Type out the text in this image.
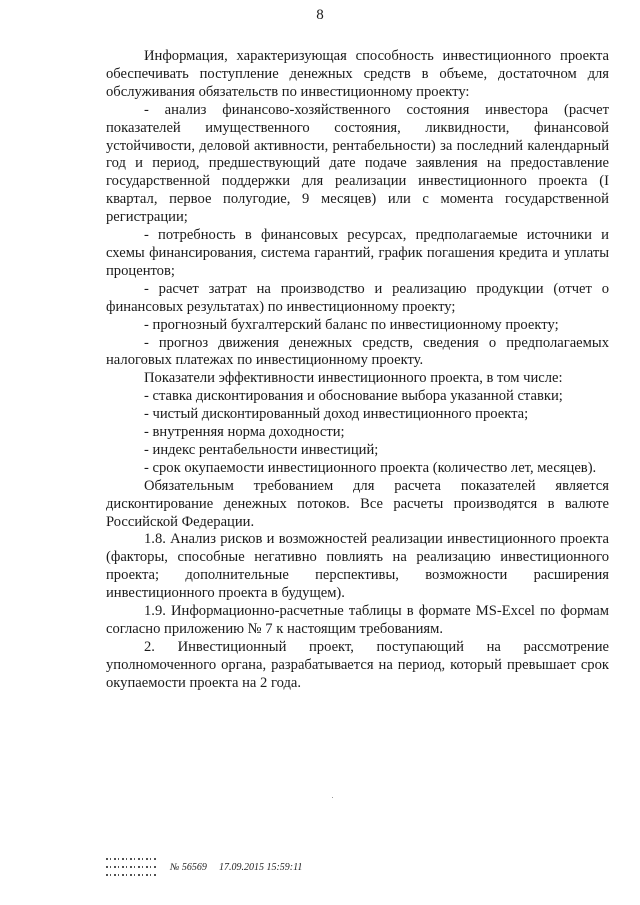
8

Информация, характеризующая способность инвестиционного проекта обеспечивать поступление денежных средств в объеме, достаточном для обслуживания обязательств по инвестиционному проекту:

- анализ финансово-хозяйственного состояния инвестора (расчет показателей имущественного состояния, ликвидности, финансовой устойчивости, деловой активности, рентабельности) за последний календарный год и период, предшествующий дате подаче заявления на предоставление государственной поддержки для реализации инвестиционного проекта (I квартал, первое полугодие, 9 месяцев) или с момента государственной регистрации;

- потребность в финансовых ресурсах, предполагаемые источники и схемы финансирования, система гарантий, график погашения кредита и уплаты процентов;

- расчет затрат на производство и реализацию продукции (отчет о финансовых результатах) по инвестиционному проекту;

- прогнозный бухгалтерский баланс по инвестиционному проекту;

- прогноз движения денежных средств, сведения о предполагаемых налоговых платежах по инвестиционному проекту.

Показатели эффективности инвестиционного проекта, в том числе:

- ставка дисконтирования и обоснование выбора указанной ставки;

- чистый дисконтированный доход инвестиционного проекта;

- внутренняя норма доходности;

- индекс рентабельности инвестиций;

- срок окупаемости инвестиционного проекта (количество лет, месяцев).

Обязательным требованием для расчета показателей является дисконтирование денежных потоков. Все расчеты производятся в валюте Российской Федерации.

1.8. Анализ рисков и возможностей реализации инвестиционного проекта (факторы, способные негативно повлиять на реализацию инвестиционного проекта; дополнительные перспективы, возможности расширения инвестиционного проекта в будущем).

1.9. Информационно-расчетные таблицы в формате MS-Excel по формам согласно приложению № 7 к настоящим требованиям.

2. Инвестиционный проект, поступающий на рассмотрение уполномоченного органа, разрабатывается на период, который превышает срок окупаемости проекта на 2 года.

№ 56569 17.09.2015 15:59:11
